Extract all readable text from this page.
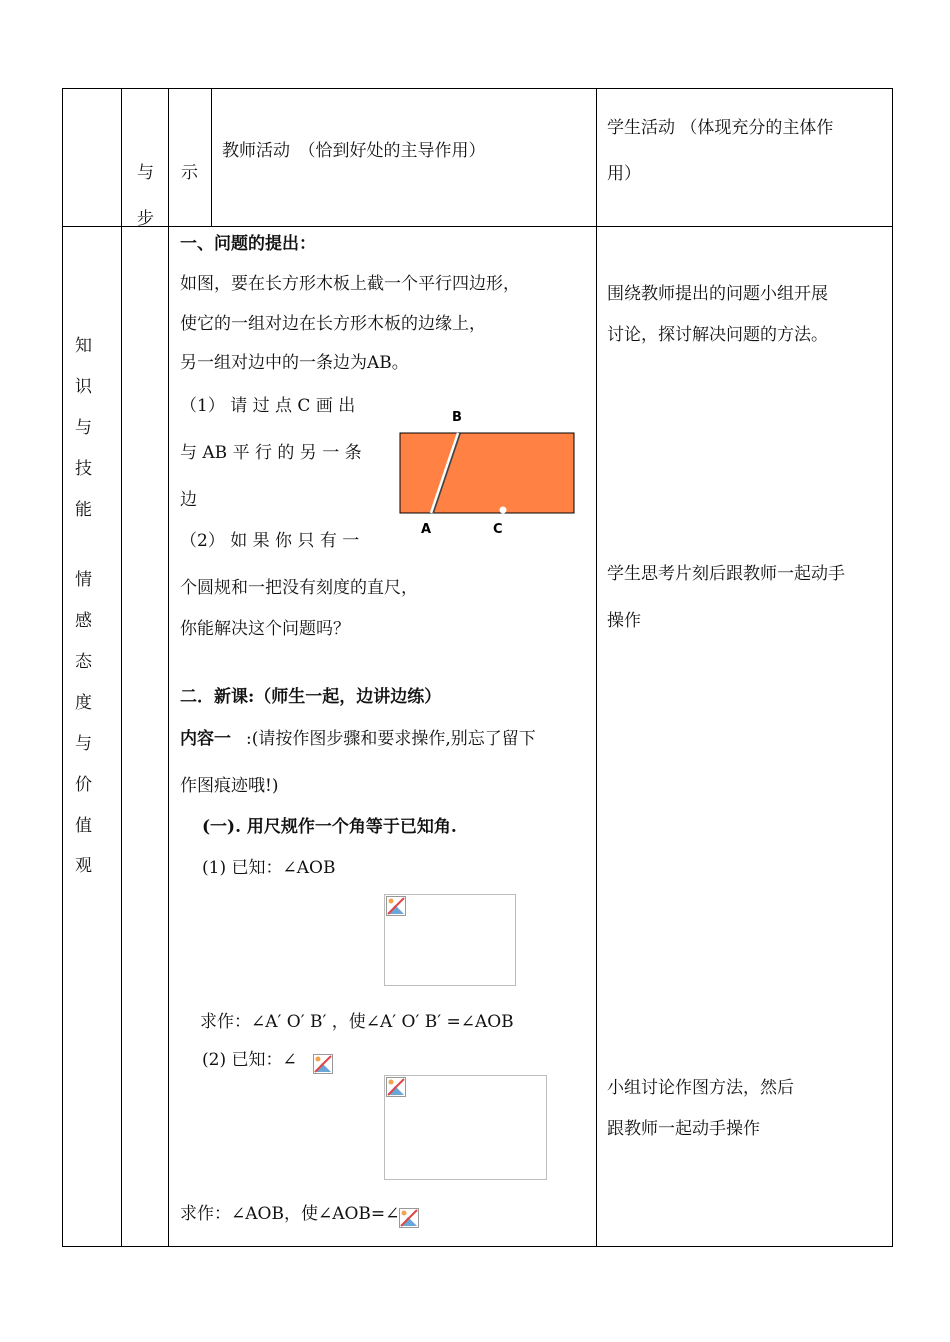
与
步
示
教师活动　（恰到好处的主导作用）
学生活动 （体现充分的主体作
用）
知
识
与
技
能
情
感
态
度
与
价
值
观
一、问题的提出：
如图，要在长方形木板上截一个平行四边形，
使它的一组对边在长方形木板的边缘上，
另一组对边中的一条边为AB。
（1） 请 过 点 C 画 出
与 AB 平 行 的 另 一 条
边
（2） 如 果 你 只 有 一
个圆规和一把没有刻度的直尺，
你能解决这个问题吗？
B
A	C
二．新课:（师生一起，边讲边练）
内容一 :(请按作图步骤和要求操作,别忘了留下
作图痕迹哦!)
(一). 用尺规作一个角等于已知角.
(1) 已知：∠AOB
求作：∠A′ O′ B′ ，使∠A′ O′ B′ =∠AOB
(2) 已知：∠
求作：∠AOB，使∠AOB=∠
围绕教师提出的问题小组开展
讨论，探讨解决问题的方法。
学生思考片刻后跟教师一起动手
操作
小组讨论作图方法，然后
跟教师一起动手操作
